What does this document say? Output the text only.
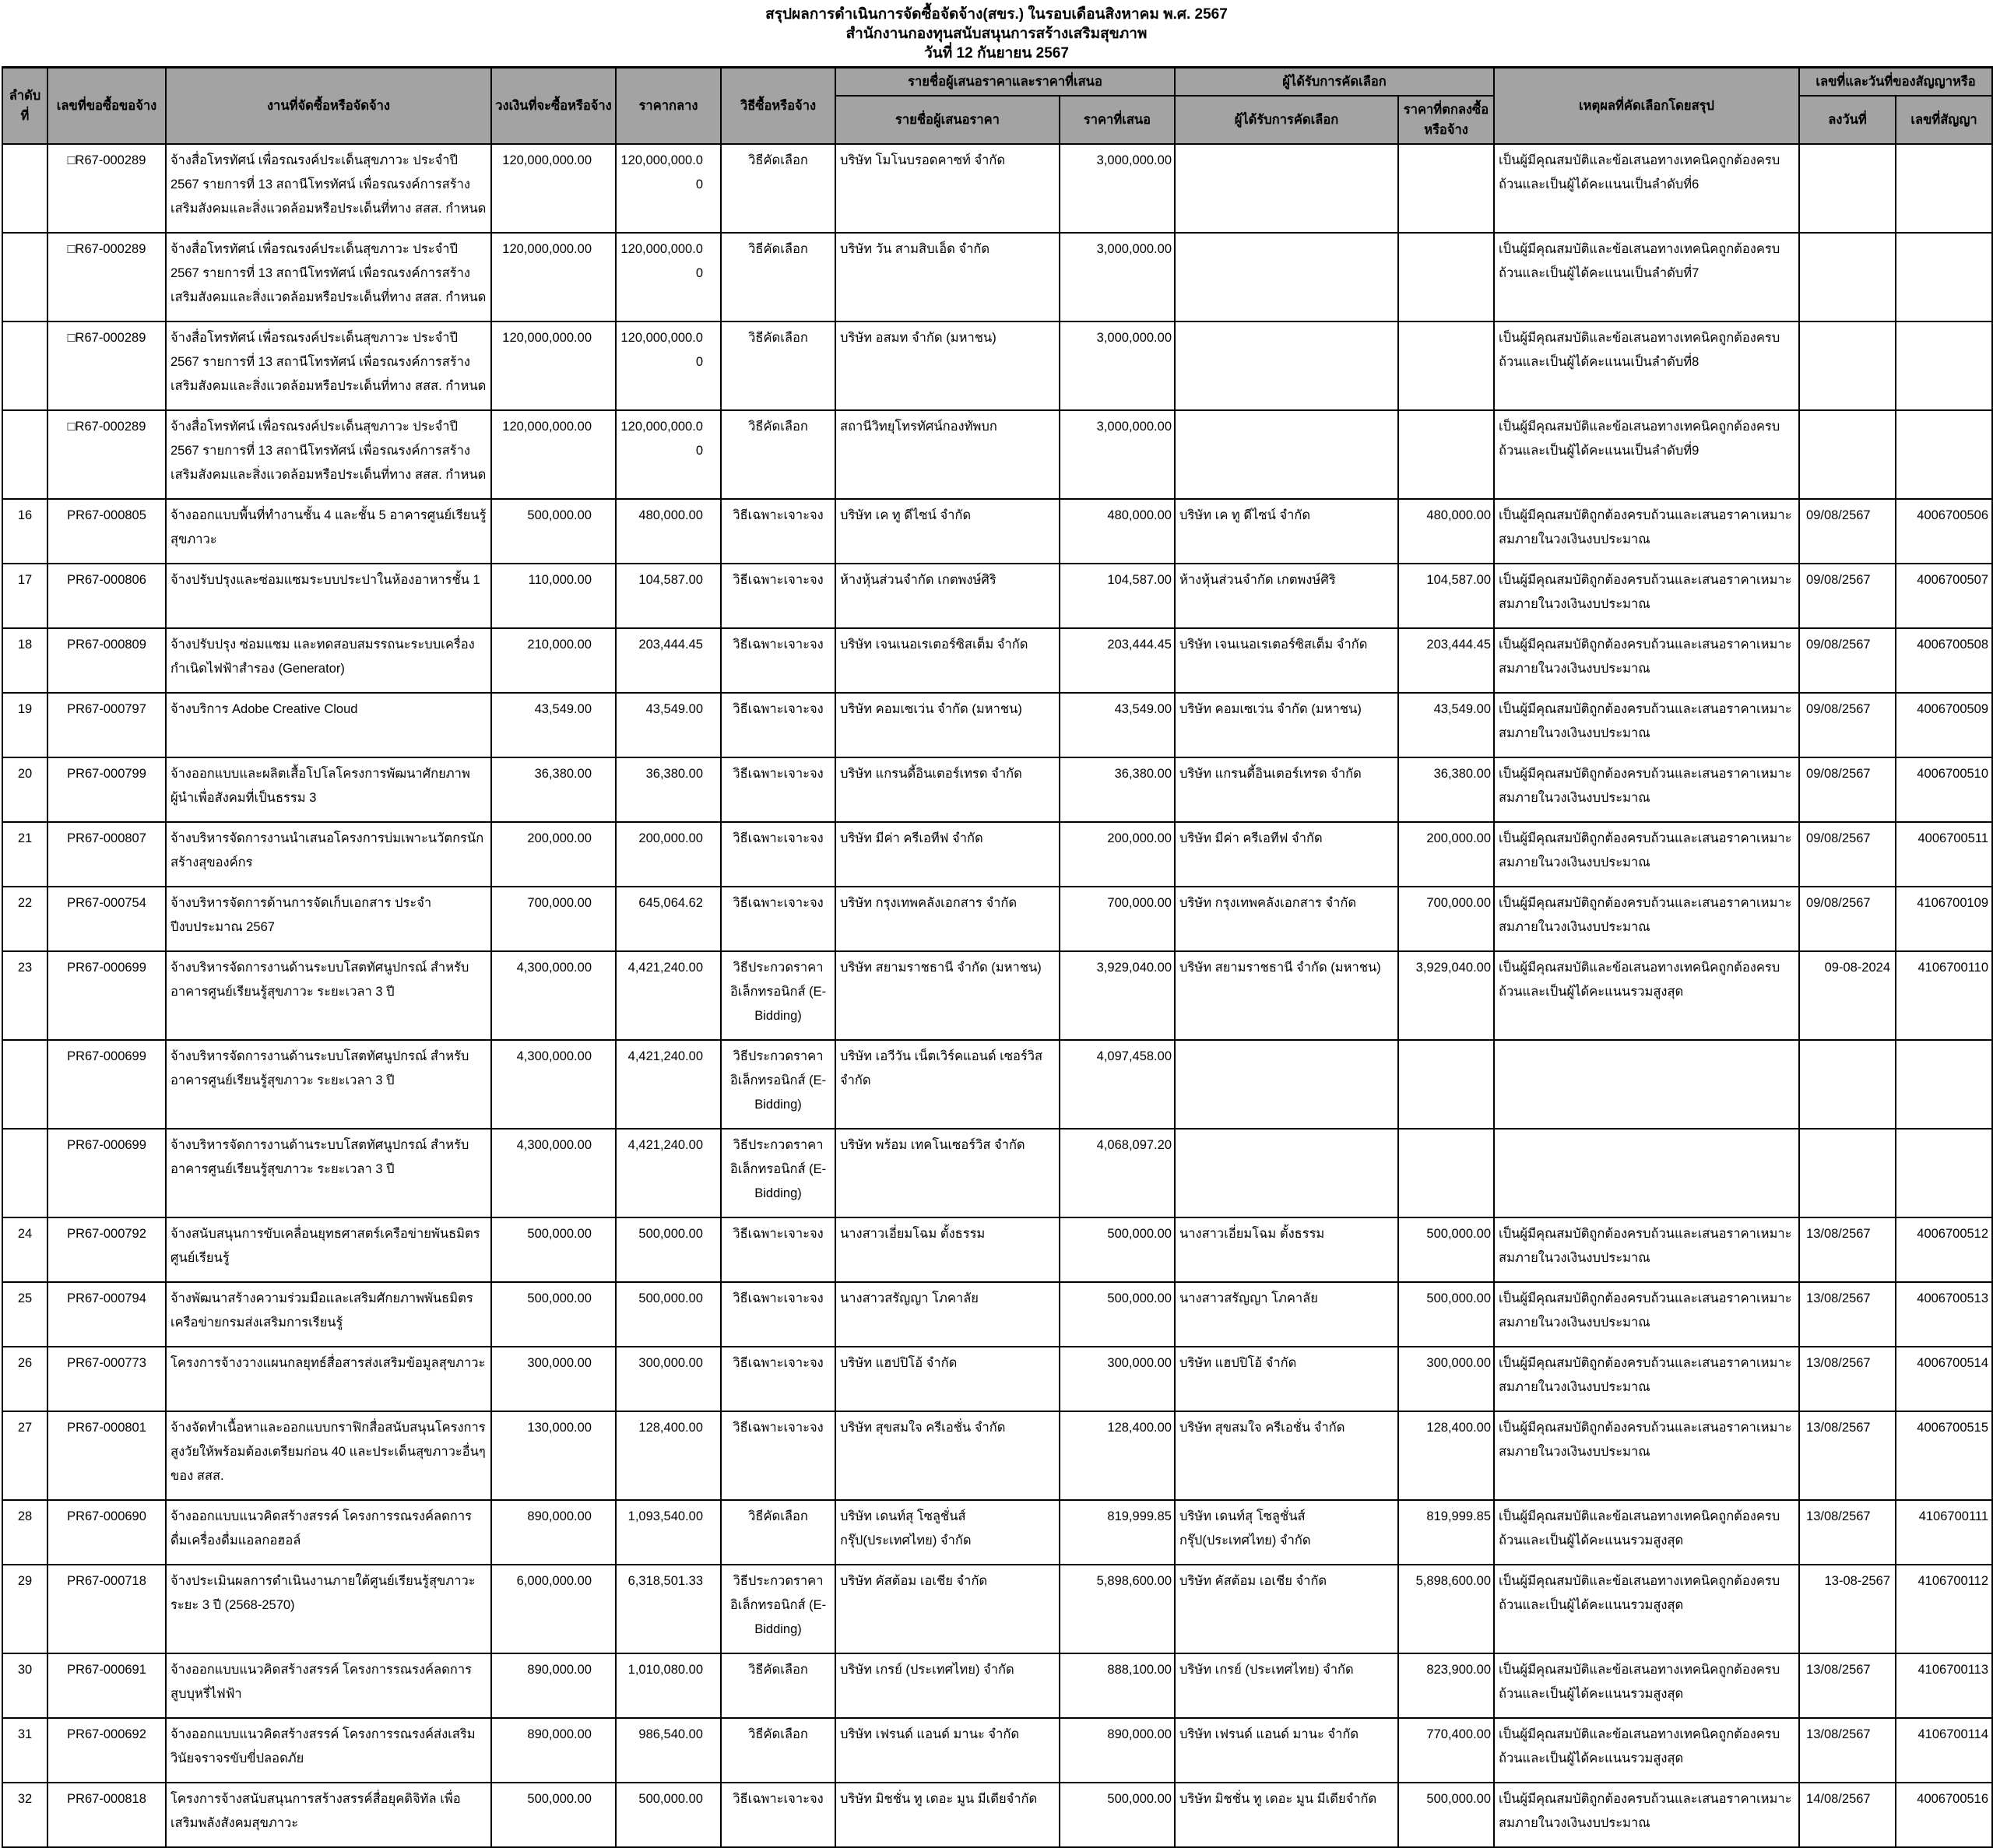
สรุปผลการดำเนินการจัดซื้อจัดจ้าง(สขร.) ในรอบเดือนสิงหาคม พ.ศ. 2567
สำนักงานกองทุนสนับสนุนการสร้างเสริมสุขภาพ
วันที่ 12 กันยายน 2567
ลำดับที่	เลขที่ขอซื้อขอจ้าง	งานที่จัดซื้อหรือจัดจ้าง	วงเงินที่จะซื้อหรือจ้าง	ราคากลาง	วิธีซื้อหรือจ้าง	รายชื่อผู้เสนอราคาและราคาที่เสนอ		ผู้ได้รับการคัดเลือก		เหตุผลที่คัดเลือกโดยสรุป	เลขที่และวันที่ของสัญญาหรือ	
						รายชื่อผู้เสนอราคา	ราคาที่เสนอ	ผู้ได้รับการคัดเลือก	ราคาที่ตกลงซื้อหรือจ้าง		ลงวันที่	เลขที่สัญญา
	□R67-000289	จ้างสื่อโทรทัศน์ เพื่อรณรงค์ประเด็นสุขภาวะ ประจำปี 2567 รายการที่ 13 สถานีโทรทัศน์ เพื่อรณรงค์การสร้างเสริมสังคมและสิ่งแวดล้อมหรือประเด็นที่ทาง สสส. กำหนด	120,000,000.00	120,000,000.00	วิธีคัดเลือก	บริษัท โมโนบรอดคาซท์ จำกัด	3,000,000.00			เป็นผู้มีคุณสมบัติและข้อเสนอทางเทคนิคถูกต้องครบถ้วนและเป็นผู้ได้คะแนนเป็นลำดับที่6		
	□R67-000289	จ้างสื่อโทรทัศน์ เพื่อรณรงค์ประเด็นสุขภาวะ ประจำปี 2567 รายการที่ 13 สถานีโทรทัศน์ เพื่อรณรงค์การสร้างเสริมสังคมและสิ่งแวดล้อมหรือประเด็นที่ทาง สสส. กำหนด	120,000,000.00	120,000,000.00	วิธีคัดเลือก	บริษัท วัน สามสิบเอ็ด จำกัด	3,000,000.00			เป็นผู้มีคุณสมบัติและข้อเสนอทางเทคนิคถูกต้องครบถ้วนและเป็นผู้ได้คะแนนเป็นลำดับที่7		
	□R67-000289	จ้างสื่อโทรทัศน์ เพื่อรณรงค์ประเด็นสุขภาวะ ประจำปี 2567 รายการที่ 13 สถานีโทรทัศน์ เพื่อรณรงค์การสร้างเสริมสังคมและสิ่งแวดล้อมหรือประเด็นที่ทาง สสส. กำหนด	120,000,000.00	120,000,000.00	วิธีคัดเลือก	บริษัท อสมท จำกัด (มหาชน)	3,000,000.00			เป็นผู้มีคุณสมบัติและข้อเสนอทางเทคนิคถูกต้องครบถ้วนและเป็นผู้ได้คะแนนเป็นลำดับที่8		
	□R67-000289	จ้างสื่อโทรทัศน์ เพื่อรณรงค์ประเด็นสุขภาวะ ประจำปี 2567 รายการที่ 13 สถานีโทรทัศน์ เพื่อรณรงค์การสร้างเสริมสังคมและสิ่งแวดล้อมหรือประเด็นที่ทาง สสส. กำหนด	120,000,000.00	120,000,000.00	วิธีคัดเลือก	สถานีวิทยุโทรทัศน์กองทัพบก	3,000,000.00			เป็นผู้มีคุณสมบัติและข้อเสนอทางเทคนิคถูกต้องครบถ้วนและเป็นผู้ได้คะแนนเป็นลำดับที่9		
16	PR67-000805	จ้างออกแบบพื้นที่ทำงานชั้น 4 และชั้น 5 อาคารศูนย์เรียนรู้สุขภาวะ	500,000.00	480,000.00	วิธีเฉพาะเจาะจง	บริษัท เค ทู ดีไซน์ จำกัด	480,000.00	บริษัท เค ทู ดีไซน์ จำกัด	480,000.00	เป็นผู้มีคุณสมบัติถูกต้องครบถ้วนและเสนอราคาเหมาะสมภายในวงเงินงบประมาณ	09/08/2567	4006700506
17	PR67-000806	จ้างปรับปรุงและซ่อมแซมระบบประปาในห้องอาหารชั้น 1	110,000.00	104,587.00	วิธีเฉพาะเจาะจง	ห้างหุ้นส่วนจำกัด เกตพงษ์ศิริ	104,587.00	ห้างหุ้นส่วนจำกัด เกตพงษ์ศิริ	104,587.00	เป็นผู้มีคุณสมบัติถูกต้องครบถ้วนและเสนอราคาเหมาะสมภายในวงเงินงบประมาณ	09/08/2567	4006700507
18	PR67-000809	จ้างปรับปรุง ซ่อมแซม และทดสอบสมรรถนะระบบเครื่องกำเนิดไฟฟ้าสำรอง (Generator)	210,000.00	203,444.45	วิธีเฉพาะเจาะจง	บริษัท เจนเนอเรเตอร์ซิสเต็ม จำกัด	203,444.45	บริษัท เจนเนอเรเตอร์ซิสเต็ม จำกัด	203,444.45	เป็นผู้มีคุณสมบัติถูกต้องครบถ้วนและเสนอราคาเหมาะสมภายในวงเงินงบประมาณ	09/08/2567	4006700508
19	PR67-000797	จ้างบริการ Adobe Creative Cloud	43,549.00	43,549.00	วิธีเฉพาะเจาะจง	บริษัท คอมเซเว่น จำกัด (มหาชน)	43,549.00	บริษัท คอมเซเว่น จำกัด (มหาชน)	43,549.00	เป็นผู้มีคุณสมบัติถูกต้องครบถ้วนและเสนอราคาเหมาะสมภายในวงเงินงบประมาณ	09/08/2567	4006700509
20	PR67-000799	จ้างออกแบบและผลิตเสื้อโปโลโครงการพัฒนาศักยภาพผู้นำเพื่อสังคมที่เป็นธรรม 3	36,380.00	36,380.00	วิธีเฉพาะเจาะจง	บริษัท แกรนดี้อินเตอร์เทรด จำกัด	36,380.00	บริษัท แกรนดี้อินเตอร์เทรด จำกัด	36,380.00	เป็นผู้มีคุณสมบัติถูกต้องครบถ้วนและเสนอราคาเหมาะสมภายในวงเงินงบประมาณ	09/08/2567	4006700510
21	PR67-000807	จ้างบริหารจัดการงานนำเสนอโครงการบ่มเพาะนวัตกรนักสร้างสุของค์กร	200,000.00	200,000.00	วิธีเฉพาะเจาะจง	บริษัท มีค่า ครีเอทีฟ จำกัด	200,000.00	บริษัท มีค่า ครีเอทีฟ จำกัด	200,000.00	เป็นผู้มีคุณสมบัติถูกต้องครบถ้วนและเสนอราคาเหมาะสมภายในวงเงินงบประมาณ	09/08/2567	4006700511
22	PR67-000754	จ้างบริหารจัดการด้านการจัดเก็บเอกสาร ประจำปีงบประมาณ 2567	700,000.00	645,064.62	วิธีเฉพาะเจาะจง	บริษัท กรุงเทพคลังเอกสาร จำกัด	700,000.00	บริษัท กรุงเทพคลังเอกสาร จำกัด	700,000.00	เป็นผู้มีคุณสมบัติถูกต้องครบถ้วนและเสนอราคาเหมาะสมภายในวงเงินงบประมาณ	09/08/2567	4106700109
23	PR67-000699	จ้างบริหารจัดการงานด้านระบบโสตทัศนูปกรณ์ สำหรับอาคารศูนย์เรียนรู้สุขภาวะ ระยะเวลา 3 ปี	4,300,000.00	4,421,240.00	วิธีประกวดราคาอิเล็กทรอนิกส์ (E-Bidding)	บริษัท สยามราชธานี จำกัด (มหาชน)	3,929,040.00	บริษัท สยามราชธานี จำกัด (มหาชน)	3,929,040.00	เป็นผู้มีคุณสมบัติและข้อเสนอทางเทคนิคถูกต้องครบถ้วนและเป็นผู้ได้คะแนนรวมสูงสุด	09-08-2024	4106700110
	PR67-000699	จ้างบริหารจัดการงานด้านระบบโสตทัศนูปกรณ์ สำหรับอาคารศูนย์เรียนรู้สุขภาวะ ระยะเวลา 3 ปี	4,300,000.00	4,421,240.00	วิธีประกวดราคาอิเล็กทรอนิกส์ (E-Bidding)	บริษัท เอวีวัน เน็ตเวิร์คแอนด์ เซอร์วิส จำกัด	4,097,458.00					
	PR67-000699	จ้างบริหารจัดการงานด้านระบบโสตทัศนูปกรณ์ สำหรับอาคารศูนย์เรียนรู้สุขภาวะ ระยะเวลา 3 ปี	4,300,000.00	4,421,240.00	วิธีประกวดราคาอิเล็กทรอนิกส์ (E-Bidding)	บริษัท พร้อม เทคโนเซอร์วิส จำกัด	4,068,097.20					
24	PR67-000792	จ้างสนับสนุนการขับเคลื่อนยุทธศาสตร์เครือข่ายพันธมิตรศูนย์เรียนรู้	500,000.00	500,000.00	วิธีเฉพาะเจาะจง	นางสาวเอี่ยมโฉม ตั้งธรรม	500,000.00	นางสาวเอี่ยมโฉม ตั้งธรรม	500,000.00	เป็นผู้มีคุณสมบัติถูกต้องครบถ้วนและเสนอราคาเหมาะสมภายในวงเงินงบประมาณ	13/08/2567	4006700512
25	PR67-000794	จ้างพัฒนาสร้างความร่วมมือและเสริมศักยภาพพันธมิตรเครือข่ายกรมส่งเสริมการเรียนรู้	500,000.00	500,000.00	วิธีเฉพาะเจาะจง	นางสาวสรัญญา โภคาลัย	500,000.00	นางสาวสรัญญา โภคาลัย	500,000.00	เป็นผู้มีคุณสมบัติถูกต้องครบถ้วนและเสนอราคาเหมาะสมภายในวงเงินงบประมาณ	13/08/2567	4006700513
26	PR67-000773	โครงการจ้างวางแผนกลยุทธ์สื่อสารส่งเสริมข้อมูลสุขภาวะ	300,000.00	300,000.00	วิธีเฉพาะเจาะจง	บริษัท แฮปปิโอ้ จำกัด	300,000.00	บริษัท แฮปปิโอ้ จำกัด	300,000.00	เป็นผู้มีคุณสมบัติถูกต้องครบถ้วนและเสนอราคาเหมาะสมภายในวงเงินงบประมาณ	13/08/2567	4006700514
27	PR67-000801	จ้างจัดทำเนื้อหาและออกแบบกราฟิกสื่อสนับสนุนโครงการสูงวัยให้พร้อมต้องเตรียมก่อน 40 และประเด็นสุขภาวะอื่นๆ ของ สสส.	130,000.00	128,400.00	วิธีเฉพาะเจาะจง	บริษัท สุขสมใจ ครีเอชั่น จำกัด	128,400.00	บริษัท สุขสมใจ ครีเอชั่น จำกัด	128,400.00	เป็นผู้มีคุณสมบัติถูกต้องครบถ้วนและเสนอราคาเหมาะสมภายในวงเงินงบประมาณ	13/08/2567	4006700515
28	PR67-000690	จ้างออกแบบแนวคิดสร้างสรรค์ โครงการรณรงค์ลดการดื่มเครื่องดื่มแอลกอฮอล์	890,000.00	1,093,540.00	วิธีคัดเลือก	บริษัท เดนท์สุ โซลูชั่นส์ กรุ๊ป(ประเทศไทย) จำกัด	819,999.85	บริษัท เดนท์สุ โซลูชั่นส์ กรุ๊ป(ประเทศไทย) จำกัด	819,999.85	เป็นผู้มีคุณสมบัติและข้อเสนอทางเทคนิคถูกต้องครบถ้วนและเป็นผู้ได้คะแนนรวมสูงสุด	13/08/2567	4106700111
29	PR67-000718	จ้างประเมินผลการดำเนินงานภายใต้ศูนย์เรียนรู้สุขภาวะ ระยะ 3 ปี (2568-2570)	6,000,000.00	6,318,501.33	วิธีประกวดราคาอิเล็กทรอนิกส์ (E-Bidding)	บริษัท คัสต้อม เอเชีย จำกัด	5,898,600.00	บริษัท คัสต้อม เอเชีย จำกัด	5,898,600.00	เป็นผู้มีคุณสมบัติและข้อเสนอทางเทคนิคถูกต้องครบถ้วนและเป็นผู้ได้คะแนนรวมสูงสุด	13-08-2567	4106700112
30	PR67-000691	จ้างออกแบบแนวคิดสร้างสรรค์ โครงการรณรงค์ลดการสูบบุหรี่ไฟฟ้า	890,000.00	1,010,080.00	วิธีคัดเลือก	บริษัท เกรย์ (ประเทศไทย) จำกัด	888,100.00	บริษัท เกรย์ (ประเทศไทย) จำกัด	823,900.00	เป็นผู้มีคุณสมบัติและข้อเสนอทางเทคนิคถูกต้องครบถ้วนและเป็นผู้ได้คะแนนรวมสูงสุด	13/08/2567	4106700113
31	PR67-000692	จ้างออกแบบแนวคิดสร้างสรรค์ โครงการรณรงค์ส่งเสริมวินัยจราจรขับขี่ปลอดภัย	890,000.00	986,540.00	วิธีคัดเลือก	บริษัท เฟรนด์ แอนด์ มานะ จำกัด	890,000.00	บริษัท เฟรนด์ แอนด์ มานะ จำกัด	770,400.00	เป็นผู้มีคุณสมบัติและข้อเสนอทางเทคนิคถูกต้องครบถ้วนและเป็นผู้ได้คะแนนรวมสูงสุด	13/08/2567	4106700114
32	PR67-000818	โครงการจ้างสนับสนุนการสร้างสรรค์สื่อยุคดิจิทัล เพื่อเสริมพลังสังคมสุขภาวะ	500,000.00	500,000.00	วิธีเฉพาะเจาะจง	บริษัท มิชชั่น ทู เดอะ มูน มีเดียจำกัด	500,000.00	บริษัท มิชชั่น ทู เดอะ มูน มีเดียจำกัด	500,000.00	เป็นผู้มีคุณสมบัติถูกต้องครบถ้วนและเสนอราคาเหมาะสมภายในวงเงินงบประมาณ	14/08/2567	4006700516
